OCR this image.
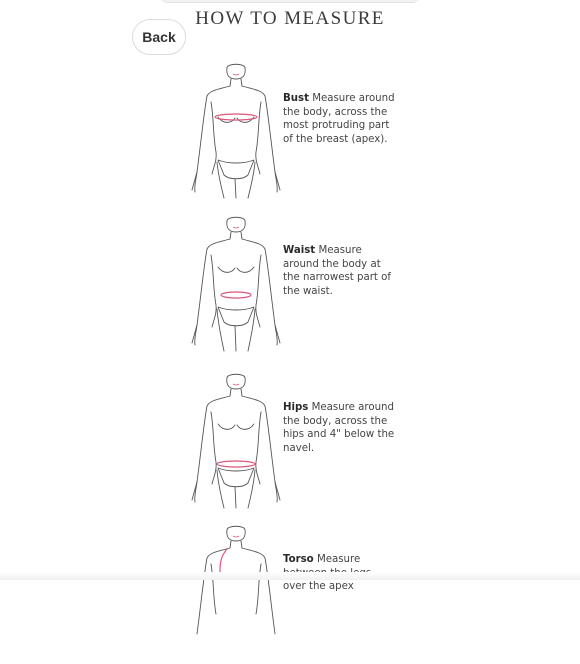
HOW TO MEASURE
Back
Bust Measure around the body, across the most protruding part of the breast (apex).
Waist Measure around the body at the narrowest part of the waist.
Hips Measure around the body, across the hips and 4" below the navel.
Torso Measure over the apex
